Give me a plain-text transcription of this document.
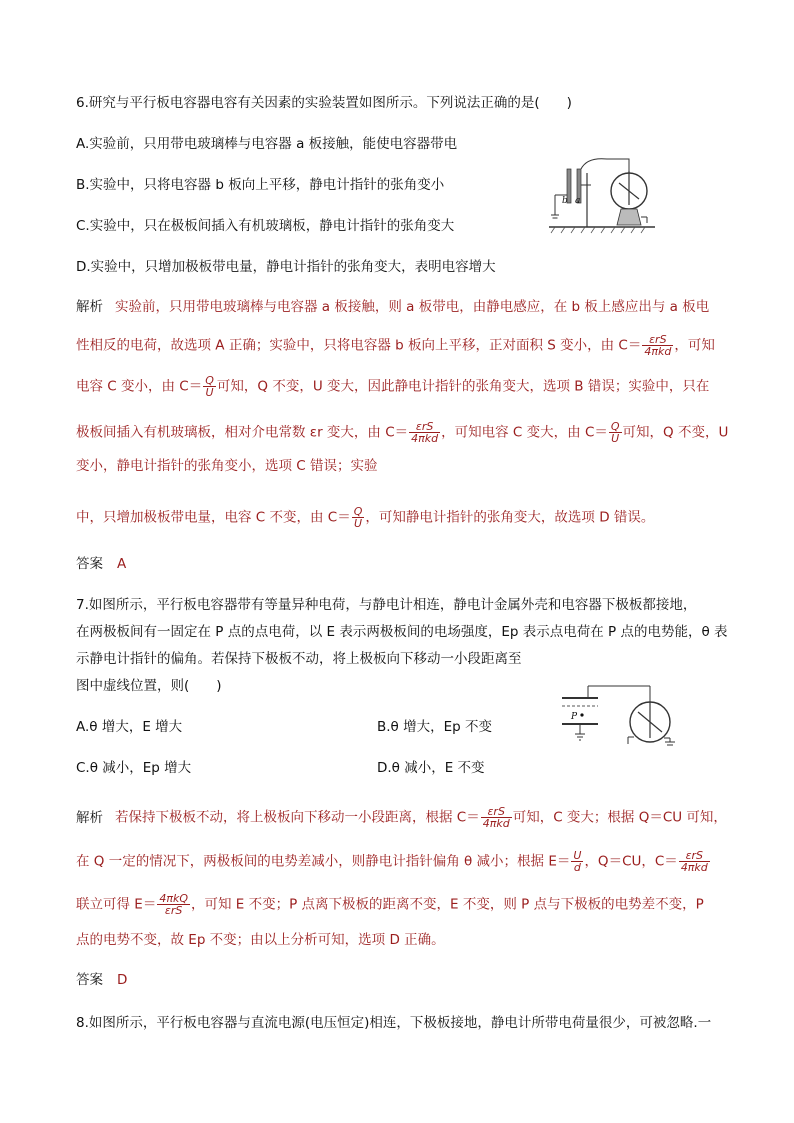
6.研究与平行板电容器电容有关因素的实验装置如图所示。下列说法正确的是(　　)
A.实验前，只用带电玻璃棒与电容器 a 板接触，能使电容器带电
B.实验中，只将电容器 b 板向上平移，静电计指针的张角变小
C.实验中，只在极板间插入有机玻璃板，静电计指针的张角变大
D.实验中，只增加极板带电量，静电计指针的张角变大，表明电容增大
b a
解析 实验前，只用带电玻璃棒与电容器 a 板接触，则 a 板带电，由静电感应，在 b 板上感应出与 a 板电
性相反的电荷，故选项 A 正确；实验中，只将电容器 b 板向上平移，正对面积 S 变小，由 $C= \frac{\text{εrS}}{\text{4πkd}}$ ，可知
电容 C 变小，由 $C= \frac{Q}{U}$ 可知，Q 不变，U 变大，因此静电计指针的张角变大，选项 B 错误；实验中，只在
极板间插入有机玻璃板，相对介电常数 εr 变大，由 $C= \frac{\text{εrS}}{\text{4πkd}}$ ，可知电容 C 变大，由 $C= \frac{Q}{U}$ 可知，Q 不变，U
变小，静电计指针的张角变小，选项 C 错误；实验
中，只增加极板带电量，电容 C 不变，由 $C= \frac{Q}{U}$ ，可知静电计指针的张角变大，故选项 D 错误。
答案 A
7.如图所示，平行板电容器带有等量异种电荷，与静电计相连，静电计金属外壳和电容器下极板都接地，
在两极板间有一固定在 P 点的点电荷，以 E 表示两极板间的电场强度，Ep 表示点电荷在 P 点的电势能，θ 表
示静电计指针的偏角。若保持下极板不动，将上极板向下移动一小段距离至
图中虚线位置，则(　　)
A.θ 增大，E 增大	B.θ 增大，Ep 不变
C.θ 减小，Ep 增大	D.θ 减小，E 不变
P
解析 若保持下极板不动，将上极板向下移动一小段距离，根据 $C= \frac{\text{εrS}}{\text{4πkd}}$ 可知，C 变大；根据 Q＝CU 可知，
在 Q 一定的情况下，两极板间的电势差减小，则静电计指针偏角 θ 减小；根据 $E= \frac{U}{d}$ ，Q＝CU，$C= \frac{\text{εrS}}{\text{4πkd}}$
联立可得 $E= \frac{\text{4πkQ}}{\text{εrS}}$ ，可知 E 不变；P 点离下极板的距离不变，E 不变，则 P 点与下极板的电势差不变，P
点的电势不变，故 Ep 不变；由以上分析可知，选项 D 正确。
答案 D
8.如图所示，平行板电容器与直流电源(电压恒定)相连，下极板接地，静电计所带电荷量很少，可被忽略.一
